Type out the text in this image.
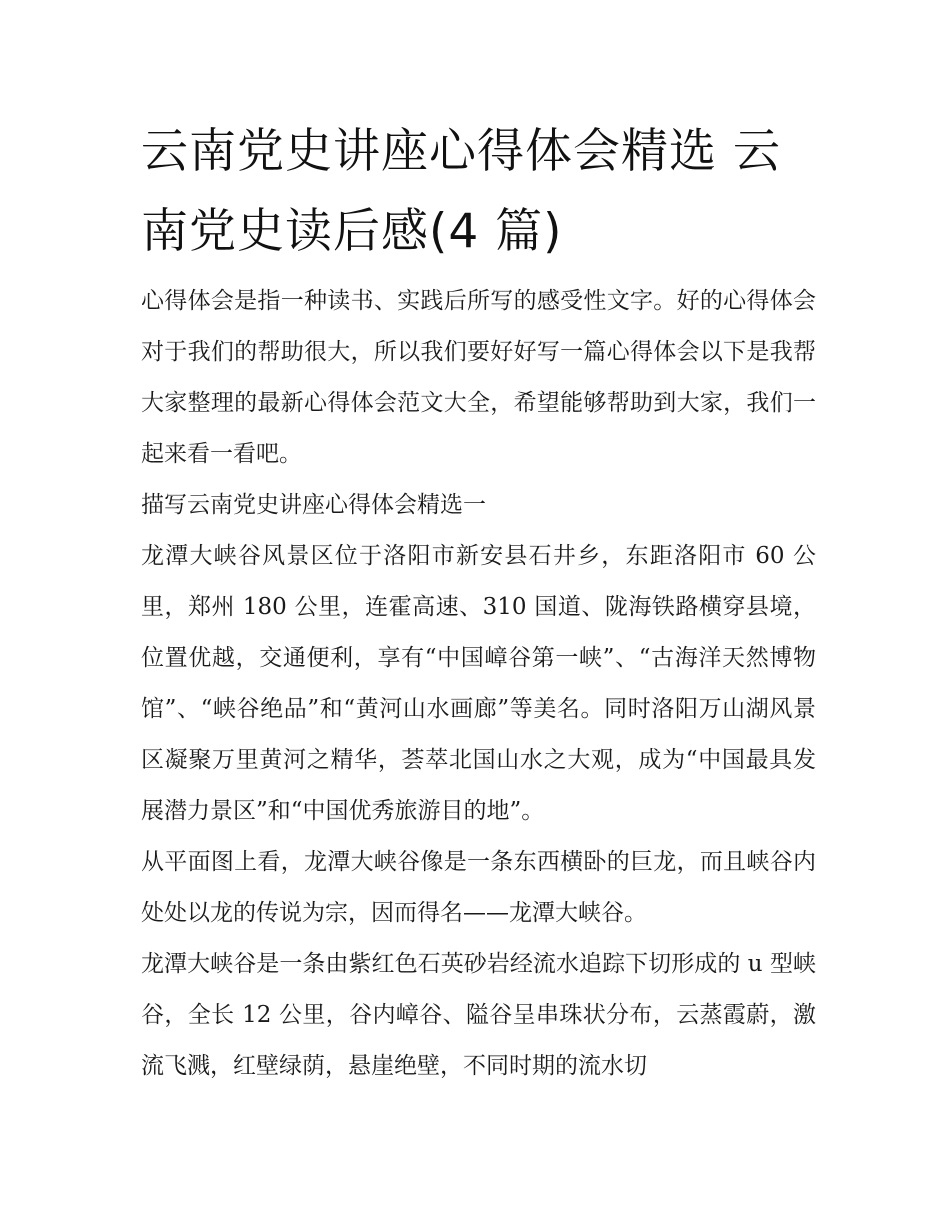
云南党史讲座心得体会精选 云南党史读后感(4 篇)

心得体会是指一种读书、实践后所写的感受性文字。好的心得体会对于我们的帮助很大，所以我们要好好写一篇心得体会以下是我帮大家整理的最新心得体会范文大全，希望能够帮助到大家，我们一起来看一看吧。

描写云南党史讲座心得体会精选一

龙潭大峡谷风景区位于洛阳市新安县石井乡，东距洛阳市 60 公里，郑州 180 公里，连霍高速、310 国道、陇海铁路横穿县境，位置优越，交通便利，享有“中国嶂谷第一峡”、“古海洋天然博物馆”、“峡谷绝品”和“黄河山水画廊”等美名。同时洛阳万山湖风景区凝聚万里黄河之精华，荟萃北国山水之大观，成为“中国最具发展潜力景区”和“中国优秀旅游目的地”。

从平面图上看，龙潭大峡谷像是一条东西横卧的巨龙，而且峡谷内处处以龙的传说为宗，因而得名——龙潭大峡谷。

龙潭大峡谷是一条由紫红色石英砂岩经流水追踪下切形成的 u 型峡谷，全长 12 公里，谷内嶂谷、隘谷呈串珠状分布，云蒸霞蔚，激流飞溅，红壁绿荫，悬崖绝壁，不同时期的流水切
